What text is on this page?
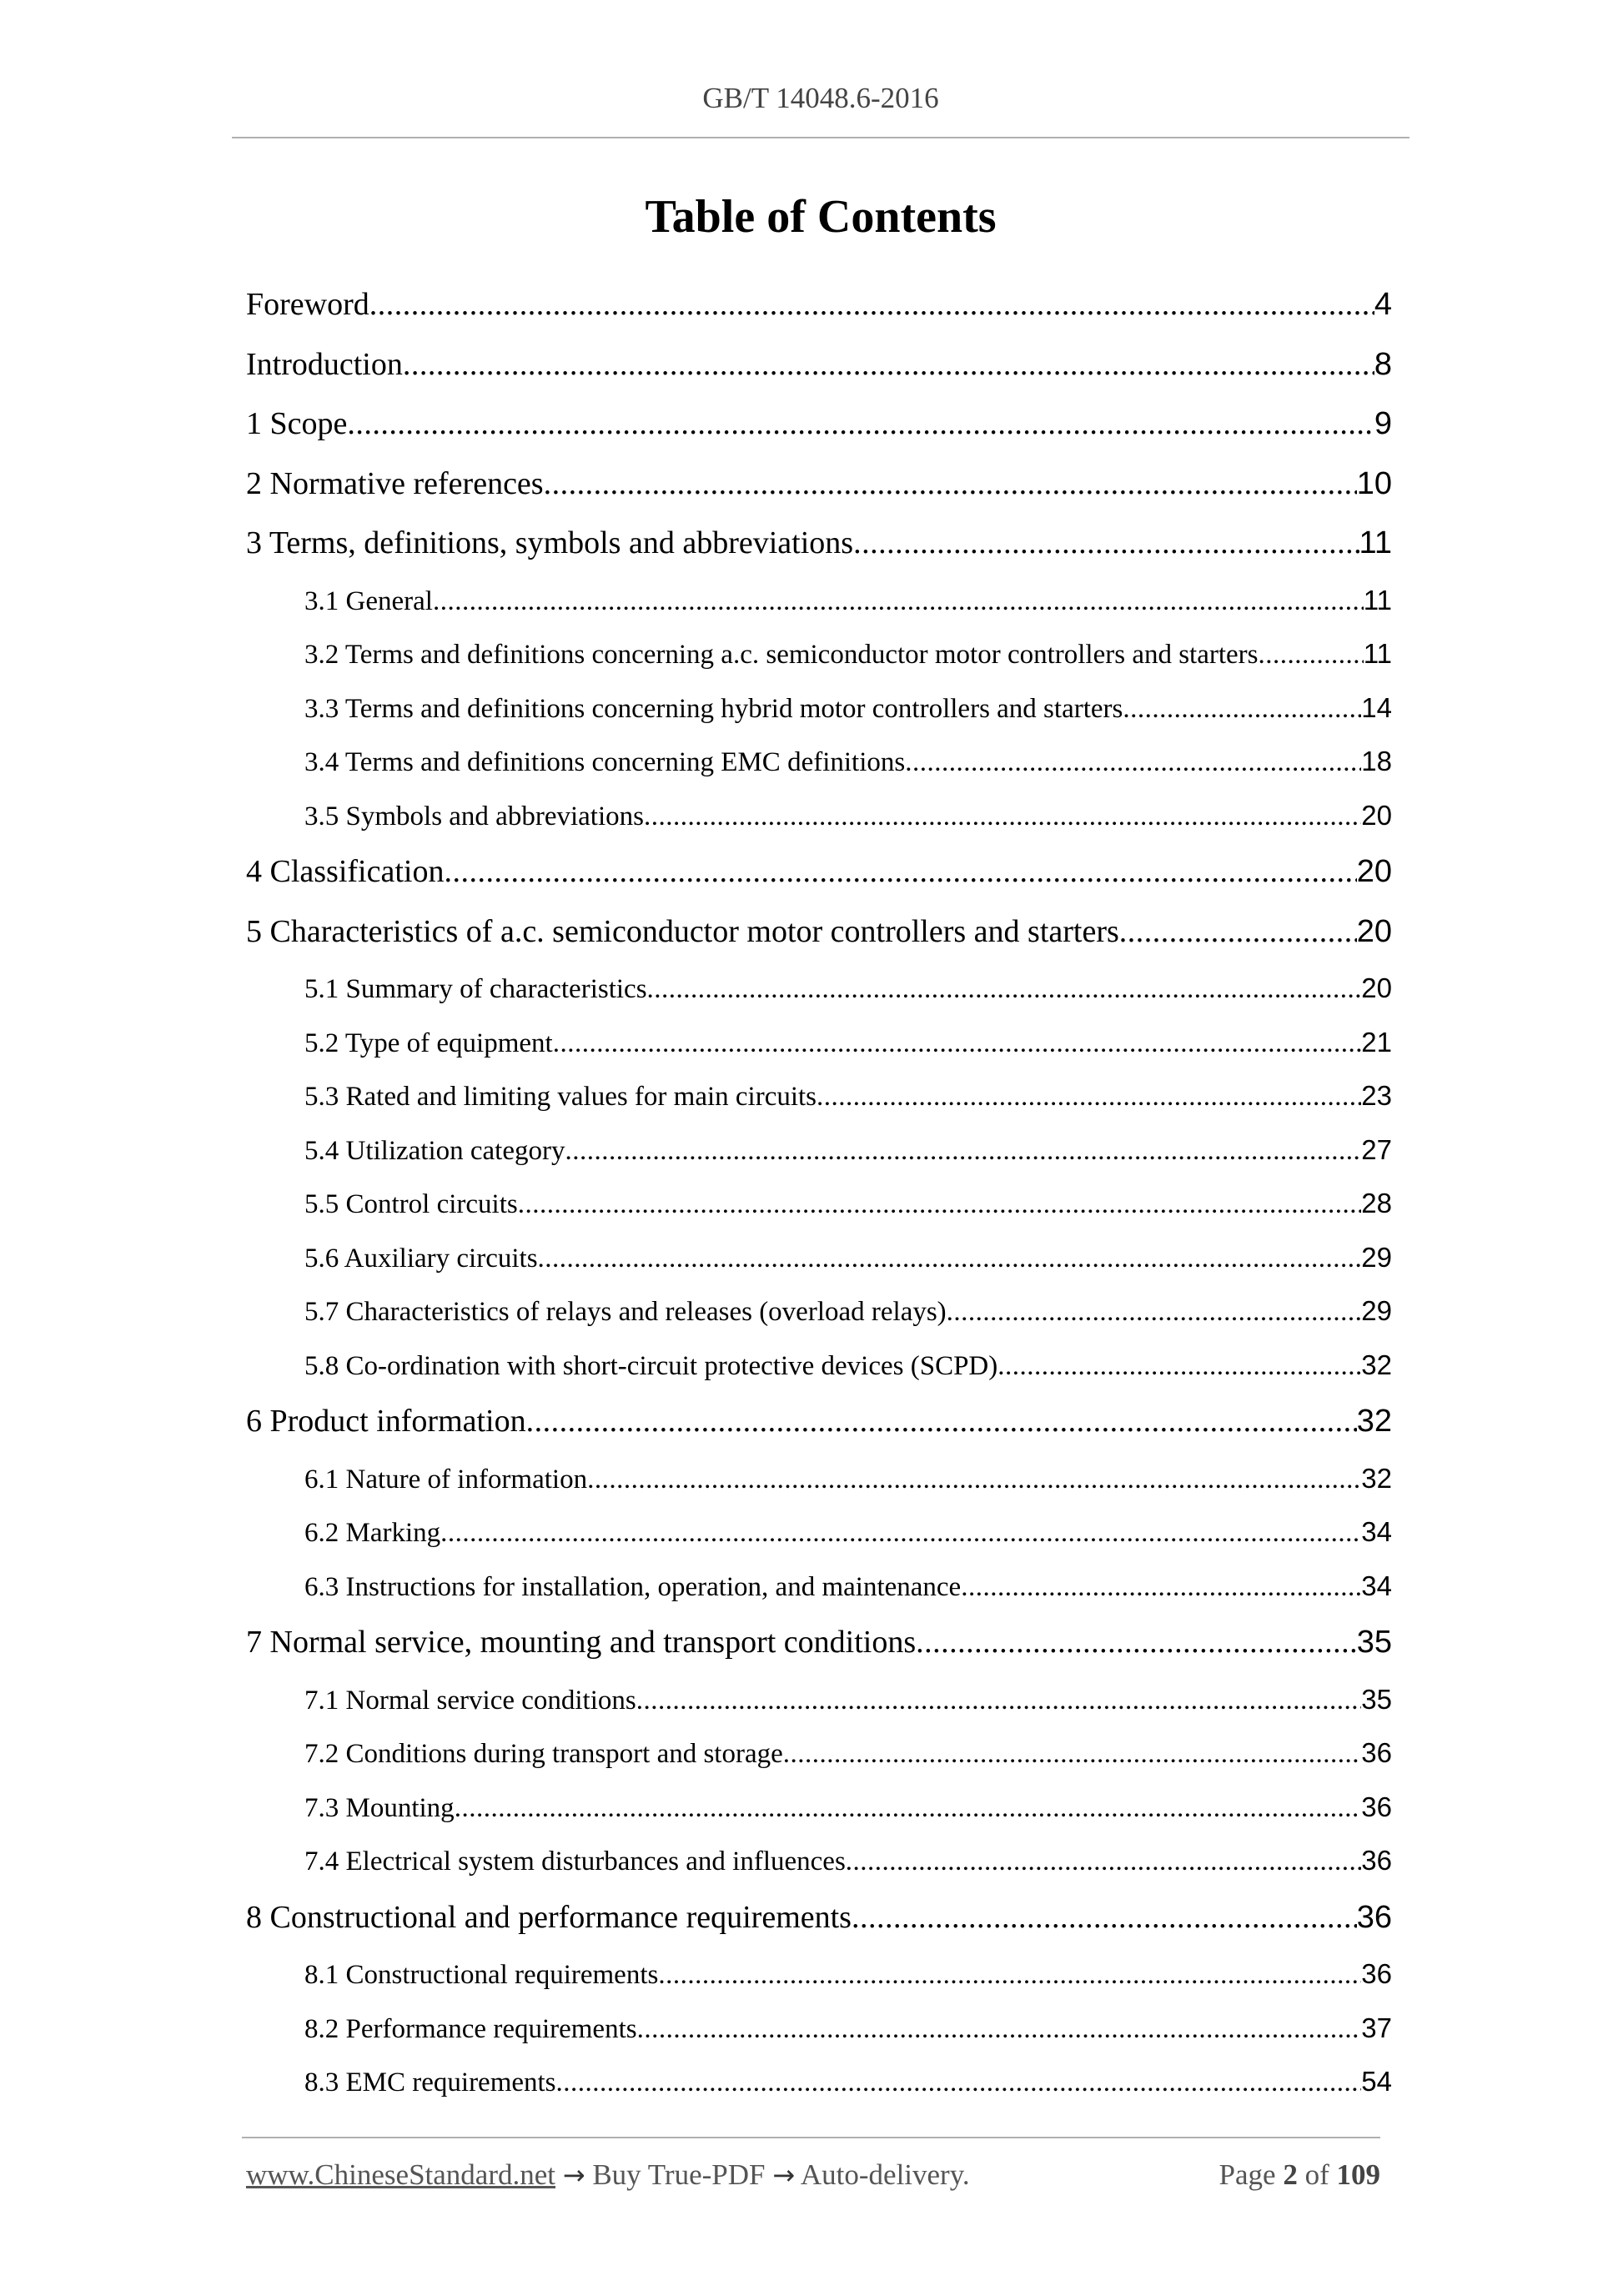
GB/T 14048.6-2016
Table of Contents
Foreword .....	4
Introduction .....	8
1 Scope .....	9
2 Normative references .....	10
3 Terms, definitions, symbols and abbreviations .....	11
3.1 General .....	11
3.2 Terms and definitions concerning a.c. semiconductor motor controllers and starters .....	11
3.3 Terms and definitions concerning hybrid motor controllers and starters .....	14
3.4 Terms and definitions concerning EMC definitions .....	18
3.5 Symbols and abbreviations .....	20
4 Classification .....	20
5 Characteristics of a.c. semiconductor motor controllers and starters .....	20
5.1 Summary of characteristics .....	20
5.2 Type of equipment .....	21
5.3 Rated and limiting values for main circuits .....	23
5.4 Utilization category .....	27
5.5 Control circuits .....	28
5.6 Auxiliary circuits .....	29
5.7 Characteristics of relays and releases (overload relays) .....	29
5.8 Co-ordination with short-circuit protective devices (SCPD) .....	32
6 Product information .....	32
6.1 Nature of information .....	32
6.2 Marking .....	34
6.3 Instructions for installation, operation, and maintenance .....	34
7 Normal service, mounting and transport conditions .....	35
7.1 Normal service conditions .....	35
7.2 Conditions during transport and storage .....	36
7.3 Mounting .....	36
7.4 Electrical system disturbances and influences .....	36
8 Constructional and performance requirements .....	36
8.1 Constructional requirements .....	36
8.2 Performance requirements .....	37
8.3 EMC requirements .....	54
www.ChineseStandard.net → Buy True-PDF → Auto-delivery.	Page 2 of 109
